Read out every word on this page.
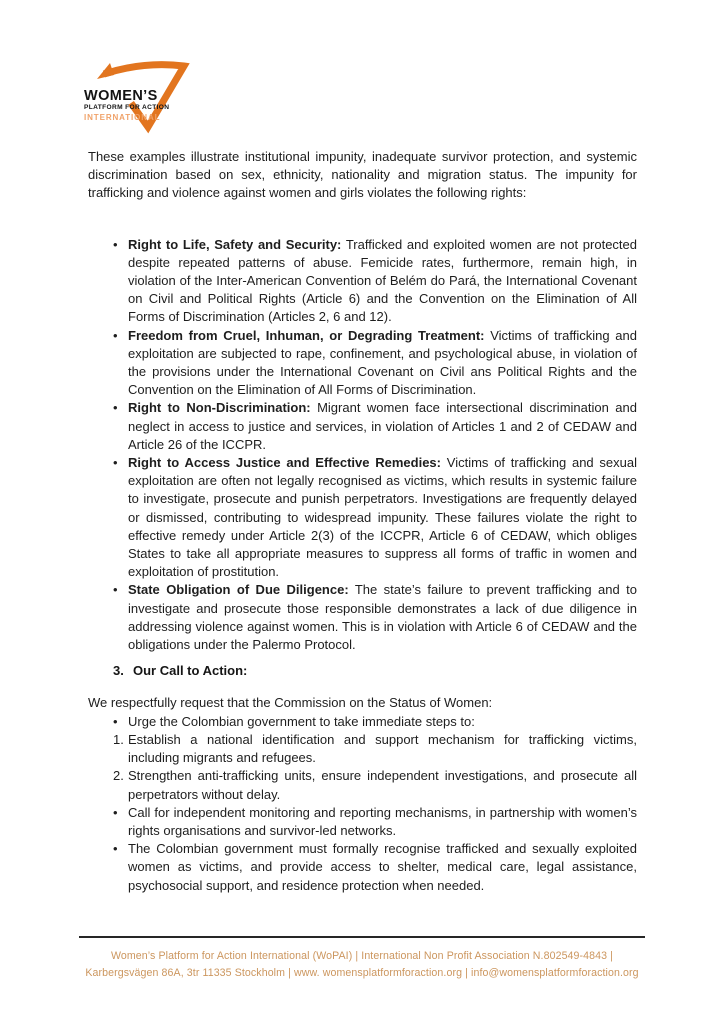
WOMEN’S
PLATFORM FOR ACTION
INTERNATIONAL

These examples illustrate institutional impunity, inadequate survivor protection, and systemic discrimination based on sex, ethnicity, nationality and migration status. The impunity for trafficking and violence against women and girls violates the following rights:

• Right to Life, Safety and Security: Trafficked and exploited women are not protected despite repeated patterns of abuse. Femicide rates, furthermore, remain high, in violation of the Inter-American Convention of Belém do Pará, the International Covenant on Civil and Political Rights (Article 6) and the Convention on the Elimination of All Forms of Discrimination (Articles 2, 6 and 12).
• Freedom from Cruel, Inhuman, or Degrading Treatment: Victims of trafficking and exploitation are subjected to rape, confinement, and psychological abuse, in violation of the provisions under the International Covenant on Civil ans Political Rights and the Convention on the Elimination of All Forms of Discrimination.
• Right to Non-Discrimination: Migrant women face intersectional discrimination and neglect in access to justice and services, in violation of Articles 1 and 2 of CEDAW and Article 26 of the ICCPR.
• Right to Access Justice and Effective Remedies: Victims of trafficking and sexual exploitation are often not legally recognised as victims, which results in systemic failure to investigate, prosecute and punish perpetrators. Investigations are frequently delayed or dismissed, contributing to widespread impunity. These failures violate the right to effective remedy under Article 2(3) of the ICCPR, Article 6 of CEDAW, which obliges States to take all appropriate measures to suppress all forms of traffic in women and exploitation of prostitution.
• State Obligation of Due Diligence: The state’s failure to prevent trafficking and to investigate and prosecute those responsible demonstrates a lack of due diligence in addressing violence against women. This is in violation with Article 6 of CEDAW and the obligations under the Palermo Protocol.
3. Our Call to Action:

We respectfully request that the Commission on the Status of Women:

• Urge the Colombian government to take immediate steps to:
1. Establish a national identification and support mechanism for trafficking victims, including migrants and refugees.
2. Strengthen anti-trafficking units, ensure independent investigations, and prosecute all perpetrators without delay.
• Call for independent monitoring and reporting mechanisms, in partnership with women’s rights organisations and survivor-led networks.
• The Colombian government must formally recognise trafficked and sexually exploited women as victims, and provide access to shelter, medical care, legal assistance, psychosocial support, and residence protection when needed.
Women’s Platform for Action International (WoPAI) | International Non Profit Association N.802549-4843 |
Karbergsvägen 86A, 3tr 11335 Stockholm | www. womensplatformforaction.org | info@womensplatformforaction.org
